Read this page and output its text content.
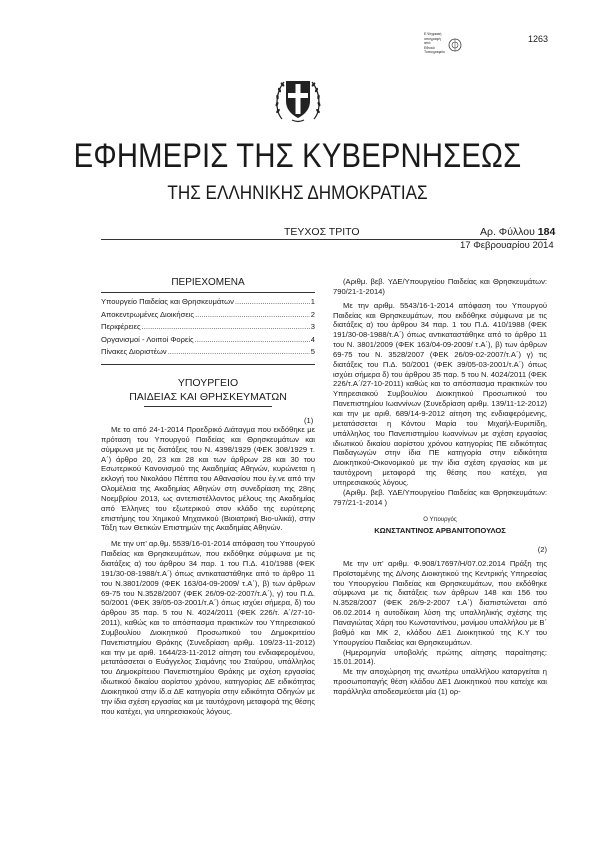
Ε.Ψηφιακή
υπογραφή
από
Εθνικό
Τυπογραφείο
1263
ΕΦΗΜΕΡΙΣ ΤΗΣ ΚΥΒΕΡΝΗΣΕΩΣ
ΤΗΣ ΕΛΛΗΝΙΚΗΣ ΔΗΜΟΚΡΑΤΙΑΣ
ΤΕΥΧΟΣ ΤΡΙΤΟ	Αρ. Φύλλου 184
17 Φεβρουαρίου 2014
ΠΕΡΙΕΧΟΜΕΝΑ
Υπουργείο Παιδείας και Θρησκευμάτων .....	1
Αποκεντρωμένες Διοικήσεις .....	2
Περιφέρειες .....	3
Οργανισμοί - Λοιποί Φορείς .....	4
Πίνακες Διοριστέων .....	5
ΥΠΟΥΡΓΕΙΟ
ΠΑΙΔΕΙΑΣ ΚΑΙ ΘΡΗΣΚΕΥΜΑΤΩΝ
(1)

Με το από 24-1-2014 Προεδρικό Διάταγμα που εκδόθηκε με πρόταση του Υπουργού Παιδείας και Θρησκευμάτων και σύμφωνα με τις διατάξεις του Ν. 4398/1929 (ΦΕΚ 308/1929 τ. Α΄) άρθρο 20, 23 και 28 και των άρθρων 28 και 30 του Εσωτερικού Κανονισμού της Ακαδημίας Αθηνών, κυρώνεται η εκλογή του Νικολάου Πέππα του Αθανασίου που έγ.νε από την Ολομέλεια της Ακαδημίας Αθηνών στη συνεδρίαση της 28ης Νοεμβρίου 2013, ως αντεπιστέλλοντος μέλους της Ακαδημίας από Έλληνες του εξωτερικού στον κλάδο της ευρύτερης επιστήμης του Χημικού Μηχανικού (Βιοιατρική Βιο-υλικά), στην Τάξη των Θετικών Επιστημών της Ακαδημίας Αθηνών.

Με την υπ' αρ.θμ. 5539/16-01-2014 απόφαση του Υπουργού Παιδείας και Θρησκευμάτων, που εκδόθηκε σύμφωνα με τις διατάξεις α) του άρθρου 34 παρ. 1 του Π.Δ. 410/1988 (ΦΕΚ 191/30-08-1988/τ.Α΄) όπως αντικαταστάθηκε από το άρθρο 11 του Ν.3801/2009 (ΦΕΚ 163/04-09-2009/ τ.Α΄), β) των άρθρων 69-75 του Ν.3528/2007 (ΦΕΚ 26/09-02-2007/τ.Α΄), γ) του Π.Δ. 50/2001 (ΦΕΚ 39/05-03-2001/τ.Α΄) όπως ισχύει σήμερα, δ) του άρθρου 35 παρ. 5 του Ν. 4024/2011 (ΦΕΚ 226/τ. Α΄/27-10-2011), καθώς και το απόσπασμα πρακτικών του Υπηρεσιακού Συμβουλίου Διοικητικού Προσωπικού του Δημοκριτείου Πανεπιστημίου Θράκης (Συνεδρίαση αριθμ. 109/23-11-2012) και την με αριθ. 1644/23-11-2012 αίτηση του ενδιαφερομένου, μετατάσσεται ο Ευάγγελος Σιαμάνης του Σταύρου, υπάλληλος του Δημοκρίτειου Πανεπιστημίου Θράκης με σχέση εργασίας ιδιωτικού δικαίου αορίστου χρόνου, κατηγορίας ΔΕ ειδικότητας Διοικητικού στην ίδ.α ΔΕ κατηγορία στην ειδικότητα Οδηγών με την ίδια σχέση εργασίας και με ταυτόχρονη μεταφορά της θέσης που κατέχει, για υπηρεσιακούς λόγους.

(Αριθμ. βεβ. ΥΔΕ/Υπουργείου Παιδείας και Θρησκευμάτων: 790/21-1-2014)

Με την αριθμ. 5543/16-1-2014 απόφαση του Υπουργού Παιδείας και Θρησκευμάτων, που εκδόθηκε σύμφωνα με τις διατάξεις α) του άρθρου 34 παρ. 1 του Π.Δ. 410/1988 (ΦΕΚ 191/30-08-1988/τ.Α΄) όπως αντικαταστάθηκε από το άρθρο 11 του Ν. 3801/2009 (ΦΕΚ 163/04-09-2009/ τ.Α΄), β) των άρθρων 69-75 του Ν. 3528/2007 (ΦΕΚ 26/09-02-2007/τ.Α΄) γ) τις διατάξεις του Π.Δ. 50/2001 (ΦΕΚ 39/05-03-2001/τ.Α΄) όπως ισχύει σήμερα δ) του άρθρου 35 παρ. 5 του Ν. 4024/2011 (ΦΕΚ 226/τ.Α΄/27-10-2011) καθώς και το απόσπασμα πρακτικών του Υπηρεσιακού Συμβουλίου Διοικητικού Προσωπικού του Πανεπιστημίου Ιωαννίνων (Συνεδρίαση αριθμ. 139/11-12-2012) και την με αριθ. 689/14-9-2012 αίτηση της ενδιαφερόμενης, μετατάσσεται η Κόντου Μαρία του Μιχαήλ-Ευριπίδη, υπάλληλος του Πανεπιστημίου Ιωαννίνων με σχέση εργασίας ιδιωτικού δικαίου αορίστου χρόνου κατηγορίας ΠΕ ειδικότητας Παιδαγωγών στην ίδια ΠΕ κατηγορία στην ειδικότητα Διοικητικού-Οικονομικού με την ίδια σχέση εργασίας και με ταυτόχρονη μεταφορά της θέσης που κατέχει, για υπηρεσιακούς λόγους.

(Αριθμ. βεβ. ΥΔΕ/Υπουργείου Παιδείας και Θρησκευμάτων: 797/21-1-2014 )

Ο Υπουργός
ΚΩΝΣΤΑΝΤΙΝΟΣ ΑΡΒΑΝΙΤΟΠΟΥΛΟΣ
(2)

Με την υπ' αριθμ. Φ.908/17697/Η/07.02.2014 Πράξη της Προϊσταμένης της Δ/νσης Διοικητικού της Κεντρικής Υπηρεσίας του Υπουργείου Παιδείας και Θρησκευμάτων, που εκδόθηκε σύμφωνα με τις διατάξεις των άρθρων 148 και 156 του Ν.3528/2007 (ΦΕΚ 26/9-2-2007 τ.Α΄) διαπιστώνεται από 06.02.2014 η αυτοδίκαιη λύση της υπαλληλικής σχέσης της Παναγιώτας Χάρη του Κωνσταντίνου, μονίμου υπαλλήλου με Β΄ βαθμό και ΜΚ 2, κλάδου ΔΕ1 Διοικητικού της Κ.Υ του Υπουργείου Παιδείας και Θρησκευμάτων.

(Ημερομηνία υποβολής πρώτης αίτησης παραίτησης: 15.01.2014).

Με την αποχώρηση της ανωτέρω υπαλλήλου καταργείται η προσωποπαγής θέση κλάδου ΔΕ1 Διοικητικού που κατείχε και παράλληλα αποδεσμεύεται μία (1) ορ-
